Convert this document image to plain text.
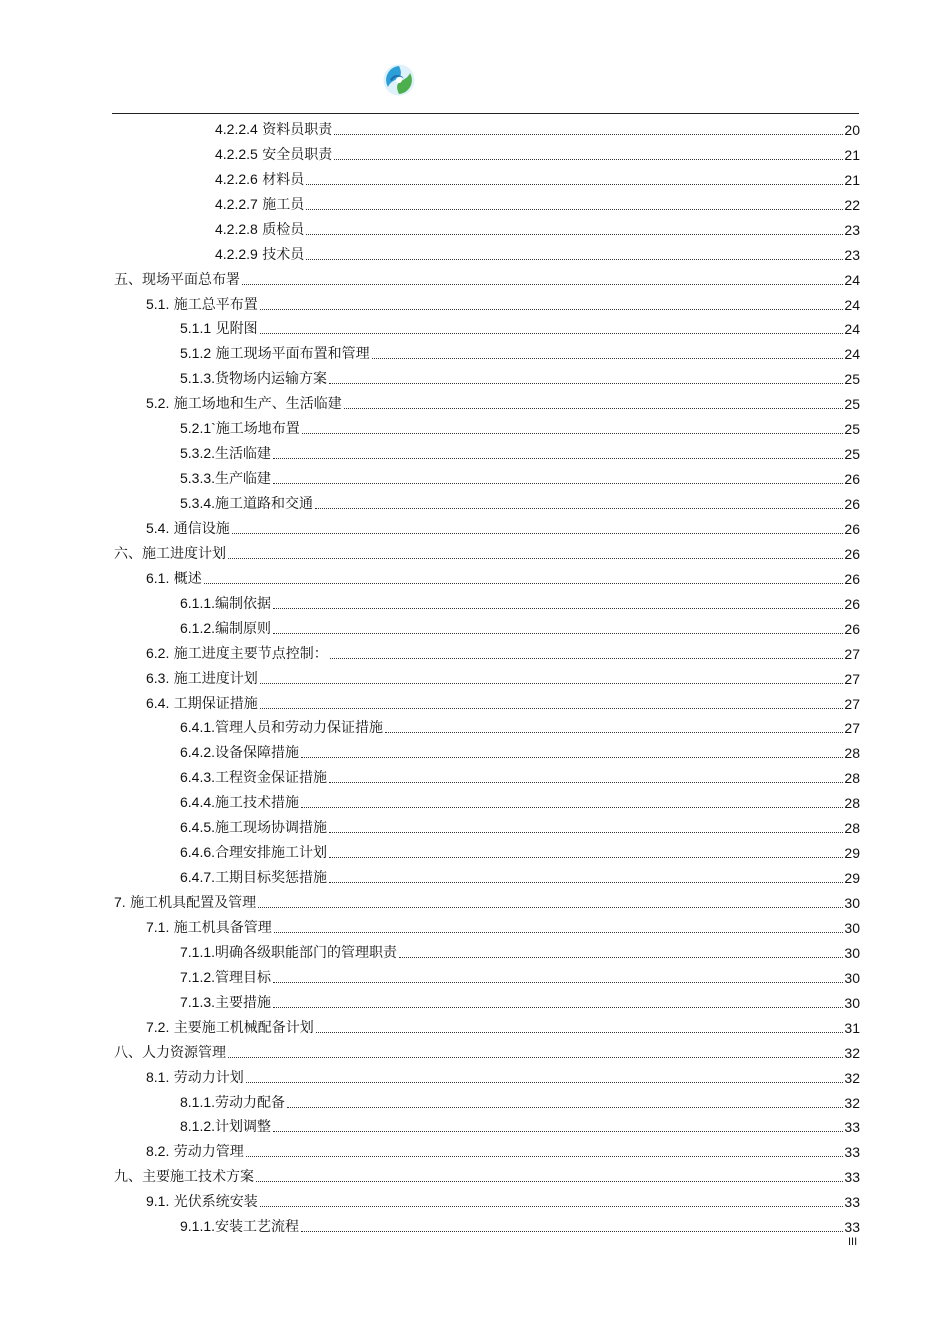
4.2.2.4 资料员职责	20
4.2.2.5 安全员职责	21
4.2.2.6 材料员	21
4.2.2.7 施工员	22
4.2.2.8 质检员	23
4.2.2.9 技术员	23
五、现场平面总布署	24
5.1. 施工总平布置	24
5.1.1 见附图	24
5.1.2 施工现场平面布置和管理	24
5.1.3.货物场内运输方案	25
5.2. 施工场地和生产、生活临建	25
5.2.1`施工场地布置	25
5.3.2.生活临建	25
5.3.3.生产临建	26
5.3.4.施工道路和交通	26
5.4. 通信设施	26
六、施工进度计划	26
6.1. 概述	26
6.1.1.编制依据	26
6.1.2.编制原则	26
6.2. 施工进度主要节点控制：	27
6.3. 施工进度计划	27
6.4. 工期保证措施	27
6.4.1.管理人员和劳动力保证措施	27
6.4.2.设备保障措施	28
6.4.3.工程资金保证措施	28
6.4.4.施工技术措施	28
6.4.5.施工现场协调措施	28
6.4.6.合理安排施工计划	29
6.4.7.工期目标奖惩措施	29
7. 施工机具配置及管理	30
7.1. 施工机具备管理	30
7.1.1.明确各级职能部门的管理职责	30
7.1.2.管理目标	30
7.1.3.主要措施	30
7.2. 主要施工机械配备计划	31
八、人力资源管理	32
8.1. 劳动力计划	32
8.1.1.劳动力配备	32
8.1.2.计划调整	33
8.2. 劳动力管理	33
九、主要施工技术方案	33
9.1. 光伏系统安装	33
9.1.1.安装工艺流程	33
III
